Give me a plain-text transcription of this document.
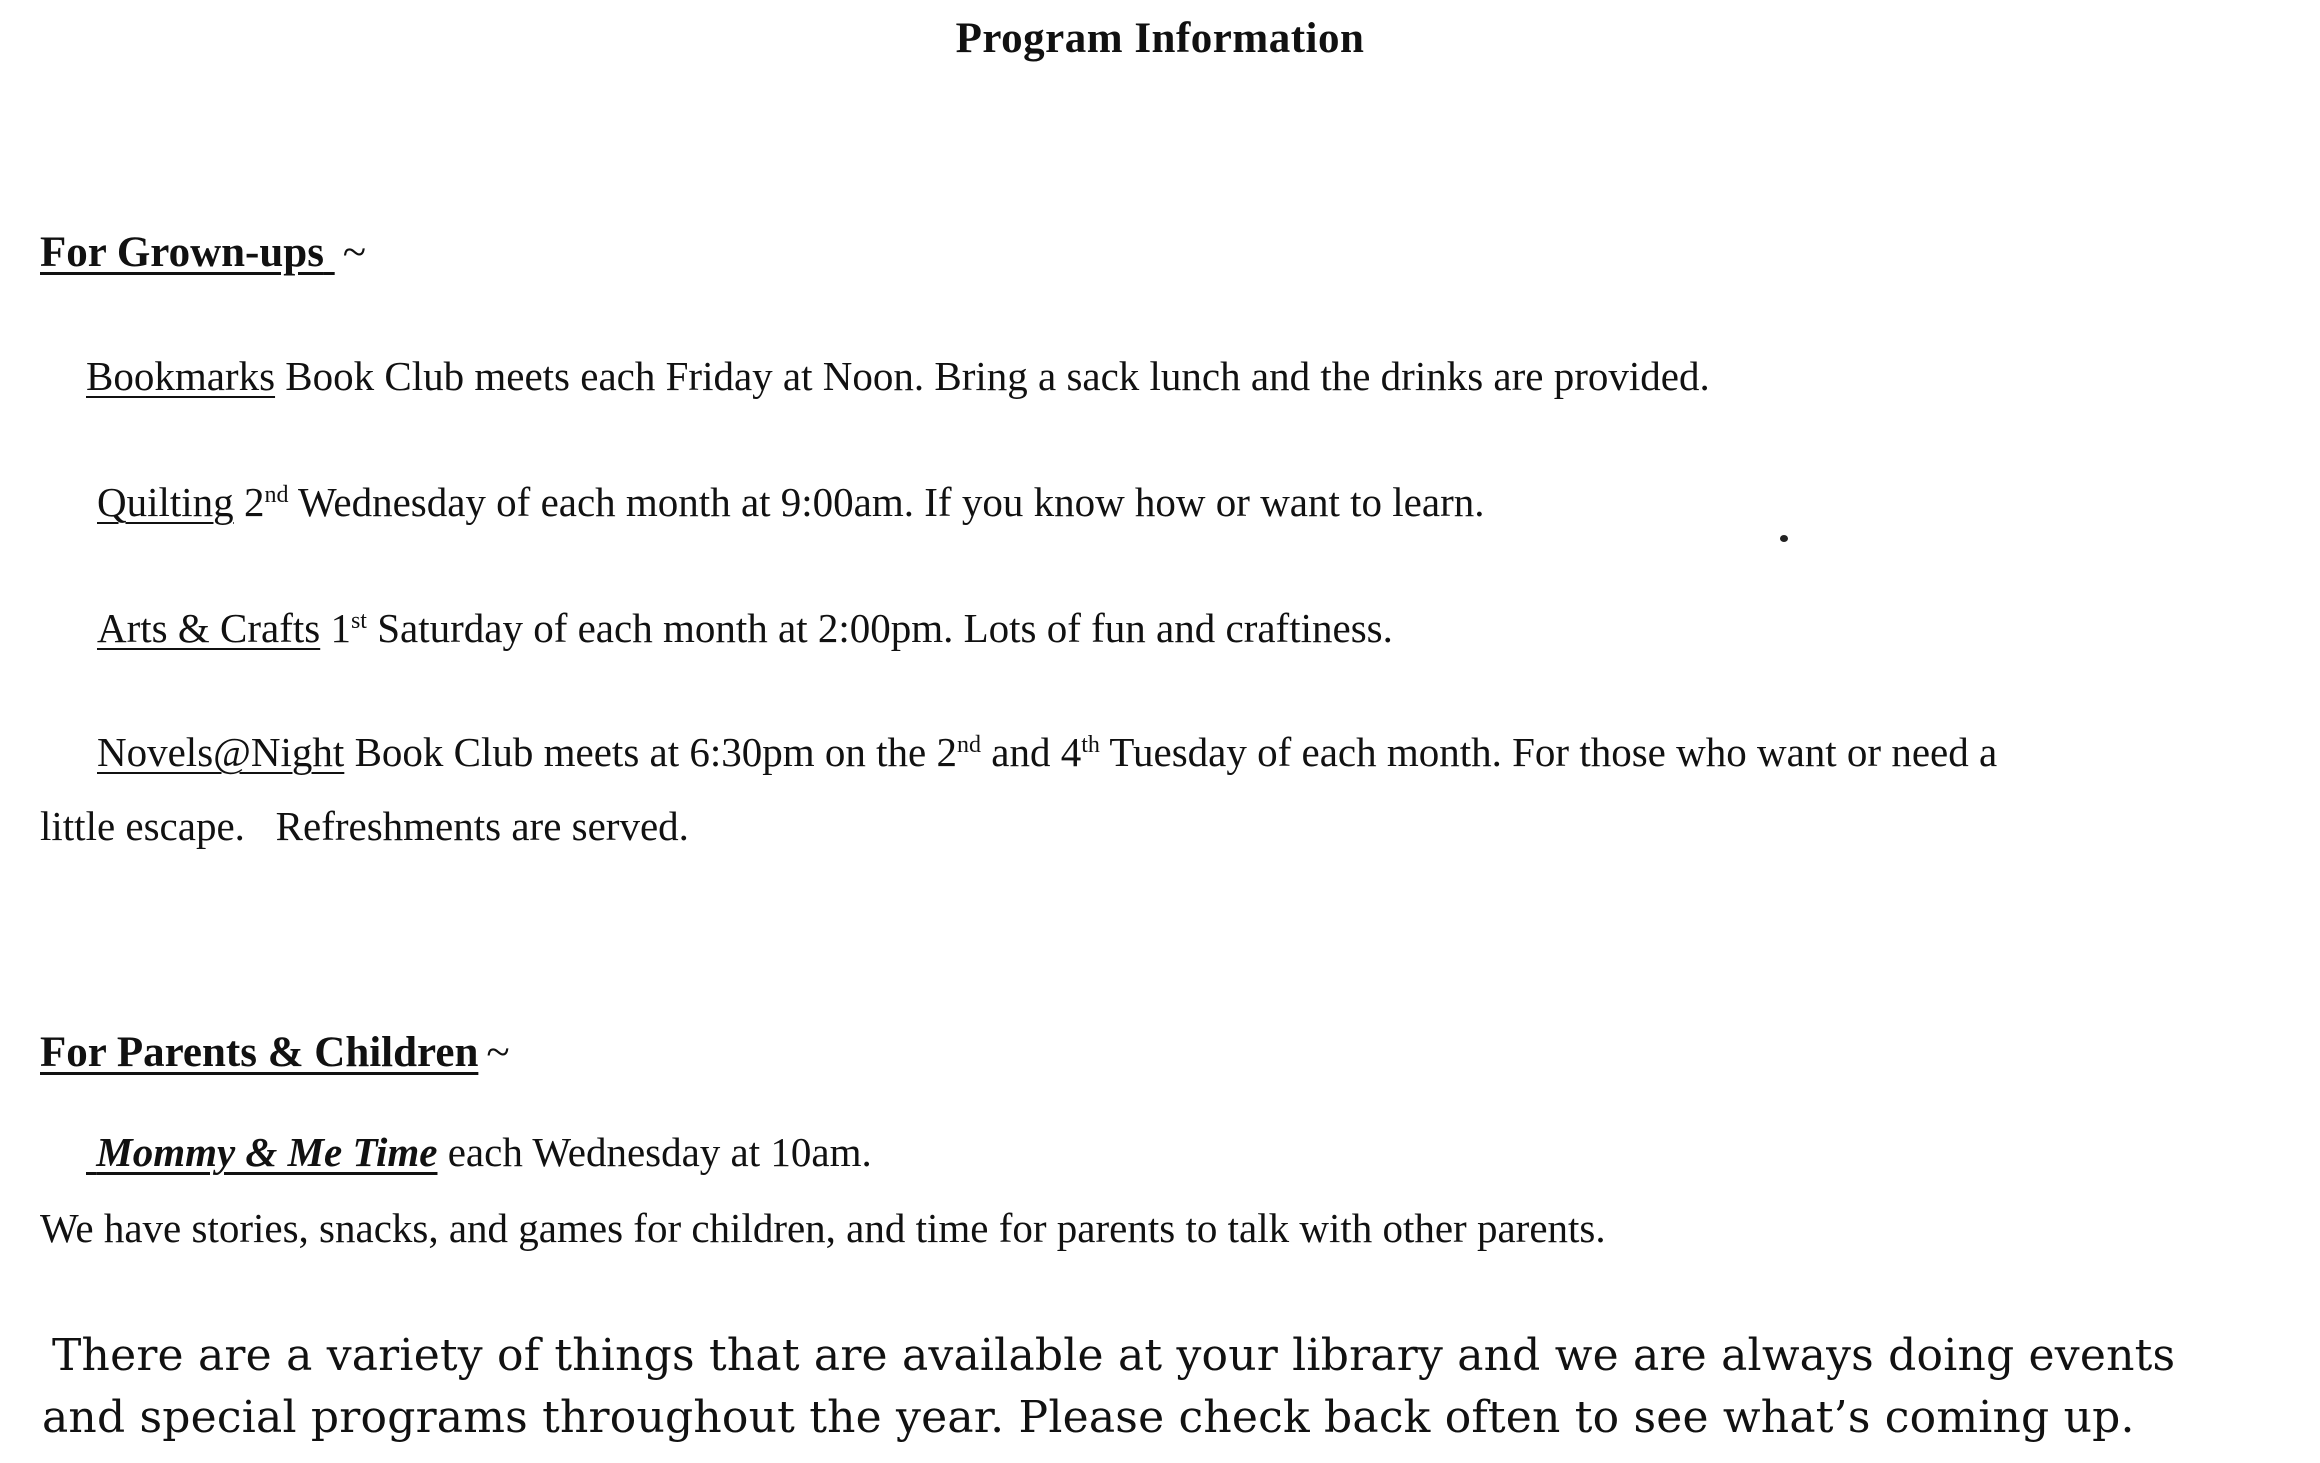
Program Information
For Grown-ups ~
Bookmarks Book Club meets each Friday at Noon. Bring a sack lunch and the drinks are provided.
Quilting 2nd Wednesday of each month at 9:00am. If you know how or want to learn.
Arts & Crafts 1st Saturday of each month at 2:00pm. Lots of fun and craftiness.
Novels@Night Book Club meets at 6:30pm on the 2nd and 4th Tuesday of each month. For those who want or need a
little escape.   Refreshments are served.
For Parents & Children ~
Mommy & Me Time each Wednesday at 10am.
We have stories, snacks, and games for children, and time for parents to talk with other parents.
There are a variety of things that are available at your library and we are always doing events
and special programs throughout the year. Please check back often to see what’s coming up.
